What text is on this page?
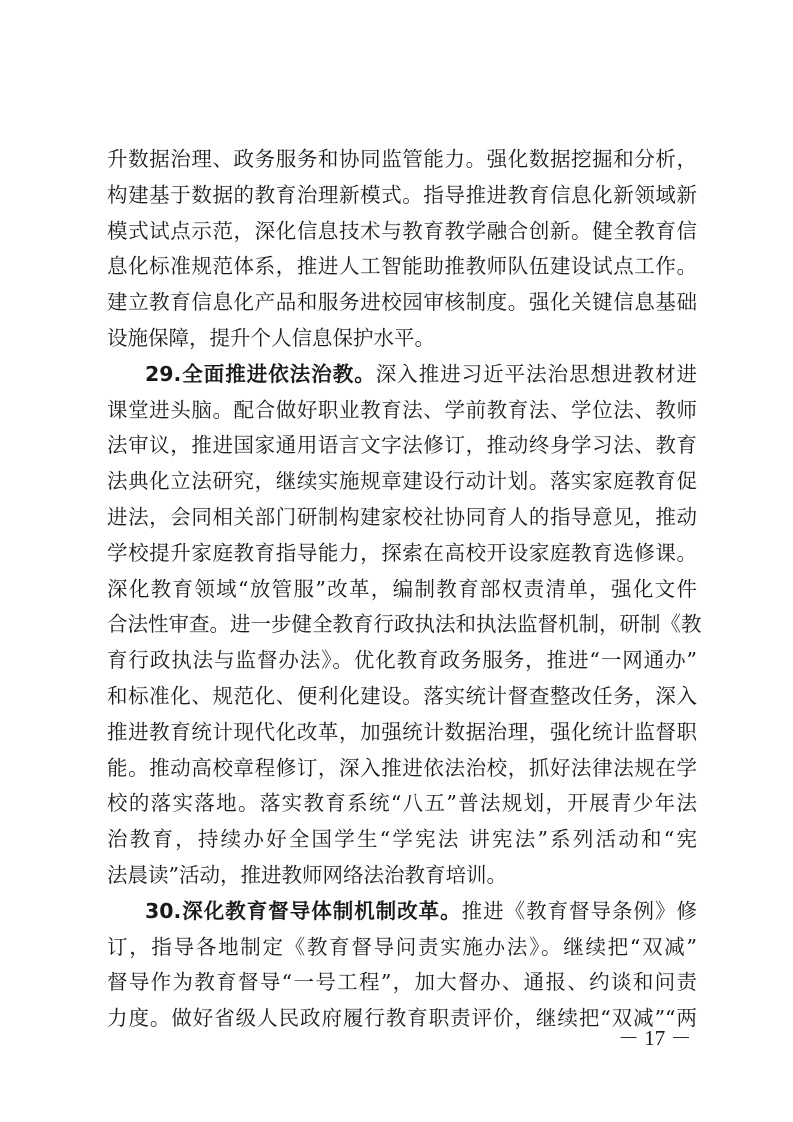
升数据治理、政务服务和协同监管能力。强化数据挖掘和分析，
构建基于数据的教育治理新模式。指导推进教育信息化新领域新
模式试点示范，深化信息技术与教育教学融合创新。健全教育信
息化标准规范体系，推进人工智能助推教师队伍建设试点工作。
建立教育信息化产品和服务进校园审核制度。强化关键信息基础
设施保障，提升个人信息保护水平。
29.全面推进依法治教。深入推进习近平法治思想进教材进
课堂进头脑。配合做好职业教育法、学前教育法、学位法、教师
法审议，推进国家通用语言文字法修订，推动终身学习法、教育
法典化立法研究，继续实施规章建设行动计划。落实家庭教育促
进法，会同相关部门研制构建家校社协同育人的指导意见，推动
学校提升家庭教育指导能力，探索在高校开设家庭教育选修课。
深化教育领域“放管服”改革，编制教育部权责清单，强化文件
合法性审查。进一步健全教育行政执法和执法监督机制，研制《教
育行政执法与监督办法》。优化教育政务服务，推进“一网通办”
和标准化、规范化、便利化建设。落实统计督查整改任务，深入
推进教育统计现代化改革，加强统计数据治理，强化统计监督职
能。推动高校章程修订，深入推进依法治校，抓好法律法规在学
校的落实落地。落实教育系统“八五”普法规划，开展青少年法
治教育，持续办好全国学生“学宪法 讲宪法”系列活动和“宪
法晨读”活动，推进教师网络法治教育培训。
30.深化教育督导体制机制改革。推进《教育督导条例》修
订，指导各地制定《教育督导问责实施办法》。继续把“双减”
督导作为教育督导“一号工程”，加大督办、通报、约谈和问责
力度。做好省级人民政府履行教育职责评价，继续把“双减”“两
－ 17 －
